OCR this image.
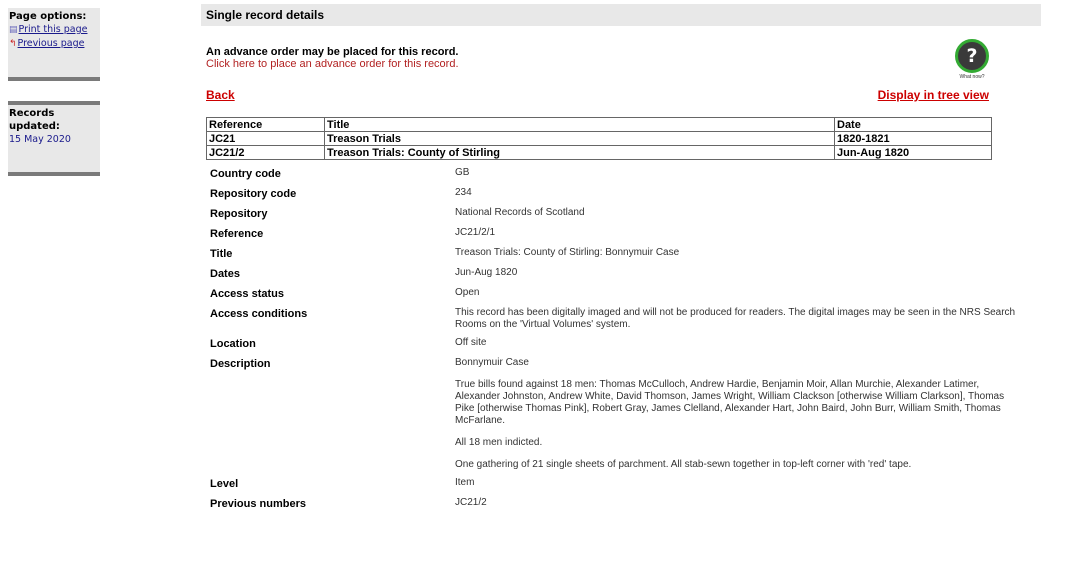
Page options:
▤Print this page
↰Previous page
Records updated:
15 May 2020
Single record details
An advance order may be placed for this record.
Click here to place an advance order for this record.	?
What now?
Back	Display in tree view
Reference	Title	Date
JC21	Treason Trials	1820-1821
JC21/2	Treason Trials: County of Stirling	Jun-Aug 1820
Country code	GB
Repository code	234
Repository	National Records of Scotland
Reference	JC21/2/1
Title	Treason Trials: County of Stirling: Bonnymuir Case
Dates	Jun-Aug 1820
Access status	Open
Access conditions	This record has been digitally imaged and will not be produced for readers. The digital images may be seen in the NRS Search Rooms on the 'Virtual Volumes' system.
Location	Off site
Description	Bonnymuir Case

True bills found against 18 men: Thomas McCulloch, Andrew Hardie, Benjamin Moir, Allan Murchie, Alexander Latimer, Alexander Johnston, Andrew White, David Thomson, James Wright, William Clackson [otherwise William Clarkson], Thomas Pike [otherwise Thomas Pink], Robert Gray, James Clelland, Alexander Hart, John Baird, John Burr, William Smith, Thomas McFarlane.

All 18 men indicted.

One gathering of 21 single sheets of parchment. All stab-sewn together in top-left corner with 'red' tape.

Level	Item
Previous numbers	JC21/2
